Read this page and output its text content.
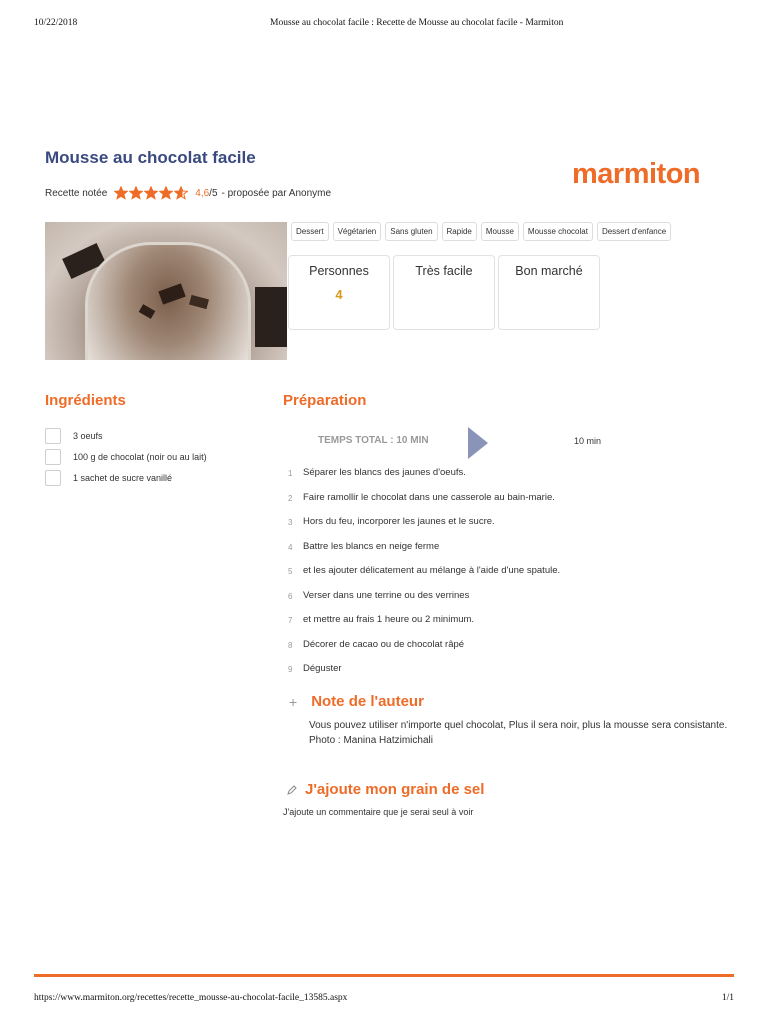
10/22/2018	Mousse au chocolat facile : Recette de Mousse au chocolat facile - Marmiton
Mousse au chocolat facile
Recette notée	4,6/5 - proposée par Anonyme
marmiton
Dessert	Végétarien	Sans gluten	Rapide	Mousse	Mousse chocolat	Dessert d'enfance
Personnes
4
Très facile	Bon marché
Ingrédients
3 oeufs
100 g de chocolat (noir ou au lait)
1 sachet de sucre vanillé
Préparation
TEMPS TOTAL : 10 MIN	10 min
1	Séparer les blancs des jaunes d'oeufs.
2	Faire ramollir le chocolat dans une casserole au bain-marie.
3	Hors du feu, incorporer les jaunes et le sucre.
4	Battre les blancs en neige ferme
5	et les ajouter délicatement au mélange à l'aide d'une spatule.
6	Verser dans une terrine ou des verrines
7	et mettre au frais 1 heure ou 2 minimum.
8	Décorer de cacao ou de chocolat râpé
9	Déguster
+ Note de l'auteur
Vous pouvez utiliser n'importe quel chocolat, Plus il sera noir, plus la mousse sera consistante.
Photo : Manina Hatzimichali
J'ajoute mon grain de sel
J'ajoute un commentaire que je serai seul à voir
https://www.marmiton.org/recettes/recette_mousse-au-chocolat-facile_13585.aspx	1/1
